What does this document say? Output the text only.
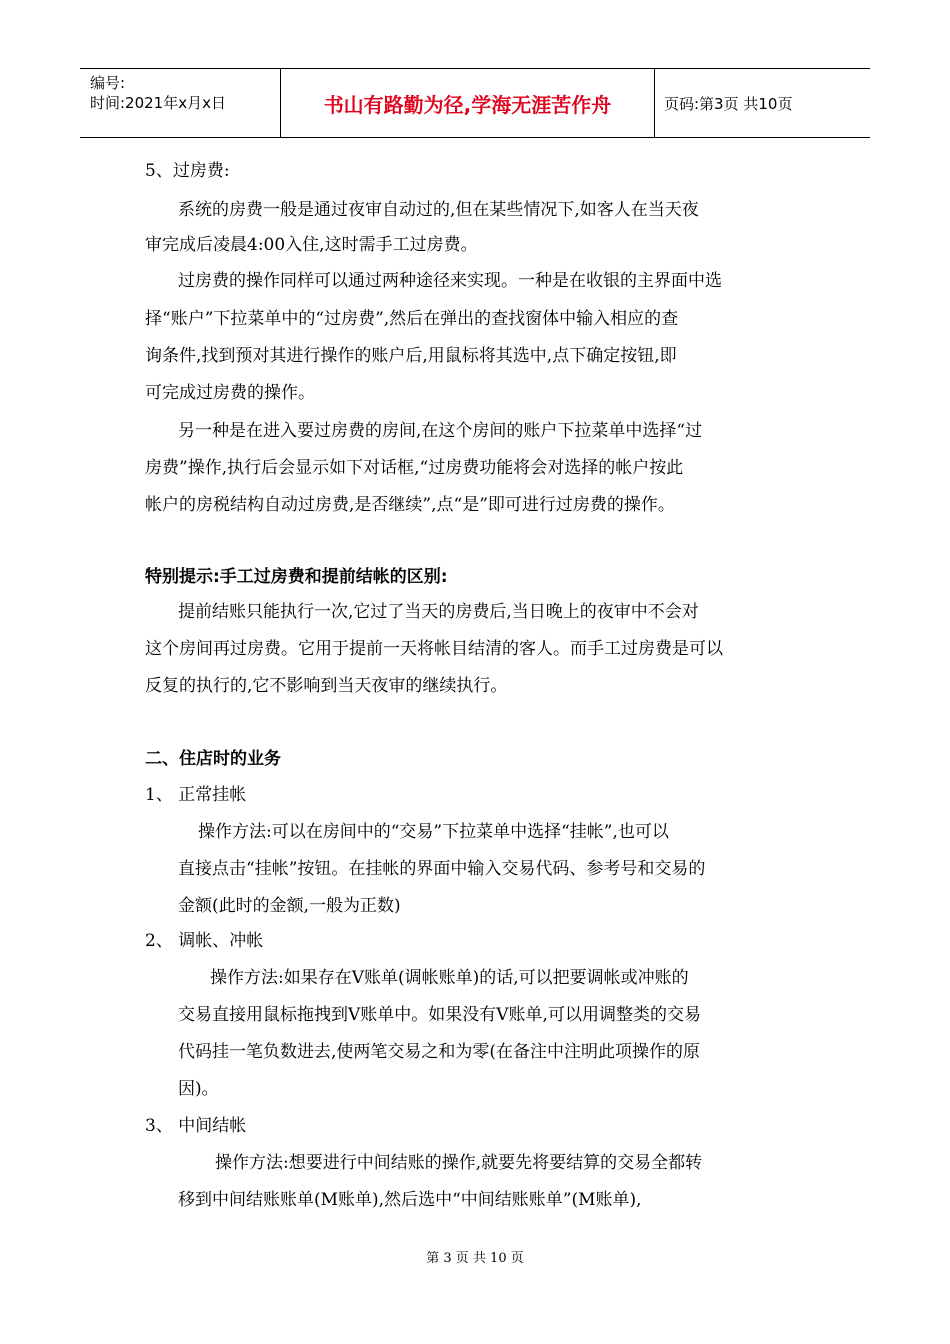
编号:
时间:2021年x月x日	书山有路勤为径,学海无涯苦作舟	页码:第3页 共10页
5、过房费:
系统的房费一般是通过夜审自动过的,但在某些情况下,如客人在当天夜
审完成后凌晨4:00入住,这时需手工过房费。
过房费的操作同样可以通过两种途径来实现。一种是在收银的主界面中选
择“账户”下拉菜单中的“过房费”,然后在弹出的查找窗体中输入相应的查
询条件,找到预对其进行操作的账户后,用鼠标将其选中,点下确定按钮,即
可完成过房费的操作。
另一种是在进入要过房费的房间,在这个房间的账户下拉菜单中选择“过
房费”操作,执行后会显示如下对话框,“过房费功能将会对选择的帐户按此
帐户的房税结构自动过房费,是否继续”,点“是”即可进行过房费的操作。
特别提示:手工过房费和提前结帐的区别:
提前结账只能执行一次,它过了当天的房费后,当日晚上的夜审中不会对
这个房间再过房费。它用于提前一天将帐目结清的客人。而手工过房费是可以
反复的执行的,它不影响到当天夜审的继续执行。
二、住店时的业务
1、 正常挂帐
操作方法:可以在房间中的“交易”下拉菜单中选择“挂帐”,也可以
直接点击“挂帐”按钮。在挂帐的界面中输入交易代码、参考号和交易的
金额(此时的金额,一般为正数)
2、 调帐、冲帐
操作方法:如果存在V账单(调帐账单)的话,可以把要调帐或冲账的
交易直接用鼠标拖拽到V账单中。如果没有V账单,可以用调整类的交易
代码挂一笔负数进去,使两笔交易之和为零(在备注中注明此项操作的原
因)。
3、 中间结帐
操作方法:想要进行中间结账的操作,就要先将要结算的交易全都转
移到中间结账账单(M账单),然后选中“中间结账账单”(M账单),
第 3 页 共 10 页
